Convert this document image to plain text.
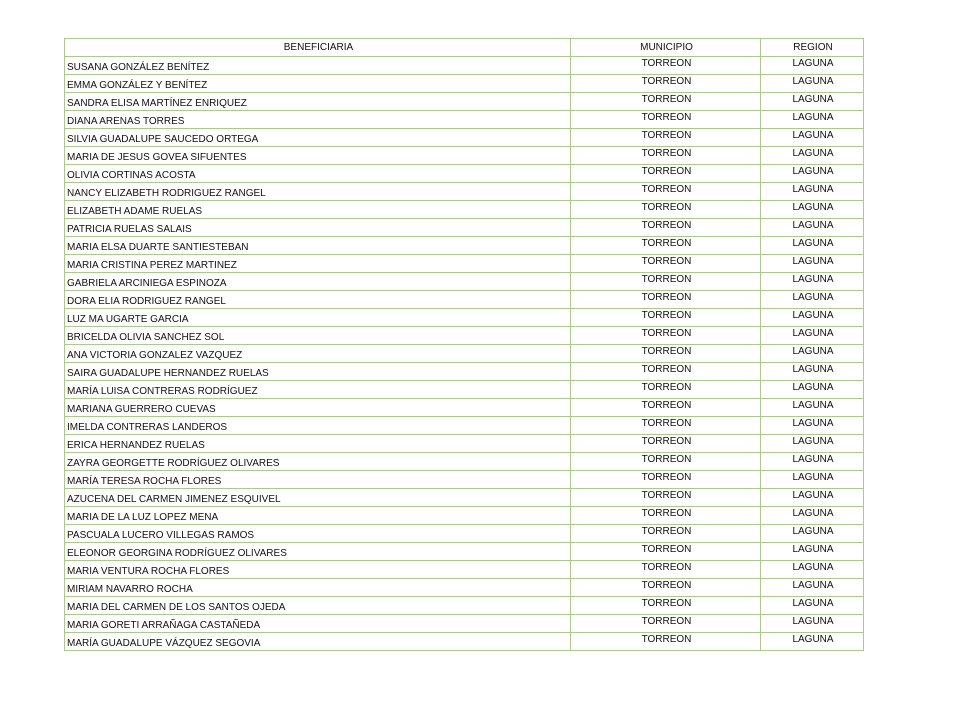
BENEFICIARIA	MUNICIPIO	REGION
SUSANA GONZÁLEZ BENÍTEZ	TORREON	LAGUNA
EMMA GONZÁLEZ Y BENÍTEZ	TORREON	LAGUNA
SANDRA ELISA MARTÍNEZ ENRIQUEZ	TORREON	LAGUNA
DIANA ARENAS TORRES	TORREON	LAGUNA
SILVIA GUADALUPE SAUCEDO ORTEGA	TORREON	LAGUNA
MARIA DE JESUS GOVEA SIFUENTES	TORREON	LAGUNA
OLIVIA CORTINAS ACOSTA	TORREON	LAGUNA
NANCY ELIZABETH RODRIGUEZ RANGEL	TORREON	LAGUNA
ELIZABETH ADAME RUELAS	TORREON	LAGUNA
PATRICIA RUELAS SALAIS	TORREON	LAGUNA
MARIA ELSA DUARTE SANTIESTEBAN	TORREON	LAGUNA
MARIA CRISTINA PEREZ MARTINEZ	TORREON	LAGUNA
GABRIELA ARCINIEGA ESPINOZA	TORREON	LAGUNA
DORA ELIA RODRIGUEZ RANGEL	TORREON	LAGUNA
LUZ MA UGARTE GARCIA	TORREON	LAGUNA
BRICELDA OLIVIA SANCHEZ SOL	TORREON	LAGUNA
ANA VICTORIA GONZALEZ VAZQUEZ	TORREON	LAGUNA
SAIRA GUADALUPE HERNANDEZ RUELAS	TORREON	LAGUNA
MARÍA LUISA CONTRERAS RODRÍGUEZ	TORREON	LAGUNA
MARIANA GUERRERO CUEVAS	TORREON	LAGUNA
IMELDA CONTRERAS LANDEROS	TORREON	LAGUNA
ERICA HERNANDEZ RUELAS	TORREON	LAGUNA
ZAYRA GEORGETTE RODRÍGUEZ OLIVARES	TORREON	LAGUNA
MARÍA TERESA ROCHA FLORES	TORREON	LAGUNA
AZUCENA DEL CARMEN JIMENEZ ESQUIVEL	TORREON	LAGUNA
MARIA DE LA LUZ LOPEZ MENA	TORREON	LAGUNA
PASCUALA LUCERO VILLEGAS RAMOS	TORREON	LAGUNA
ELEONOR GEORGINA RODRÍGUEZ OLIVARES	TORREON	LAGUNA
MARIA VENTURA ROCHA FLORES	TORREON	LAGUNA
MIRIAM NAVARRO ROCHA	TORREON	LAGUNA
MARIA DEL CARMEN DE LOS SANTOS OJEDA	TORREON	LAGUNA
MARIA GORETI ARRAÑAGA CASTAÑEDA	TORREON	LAGUNA
MARÍA GUADALUPE VÁZQUEZ SEGOVIA	TORREON	LAGUNA
